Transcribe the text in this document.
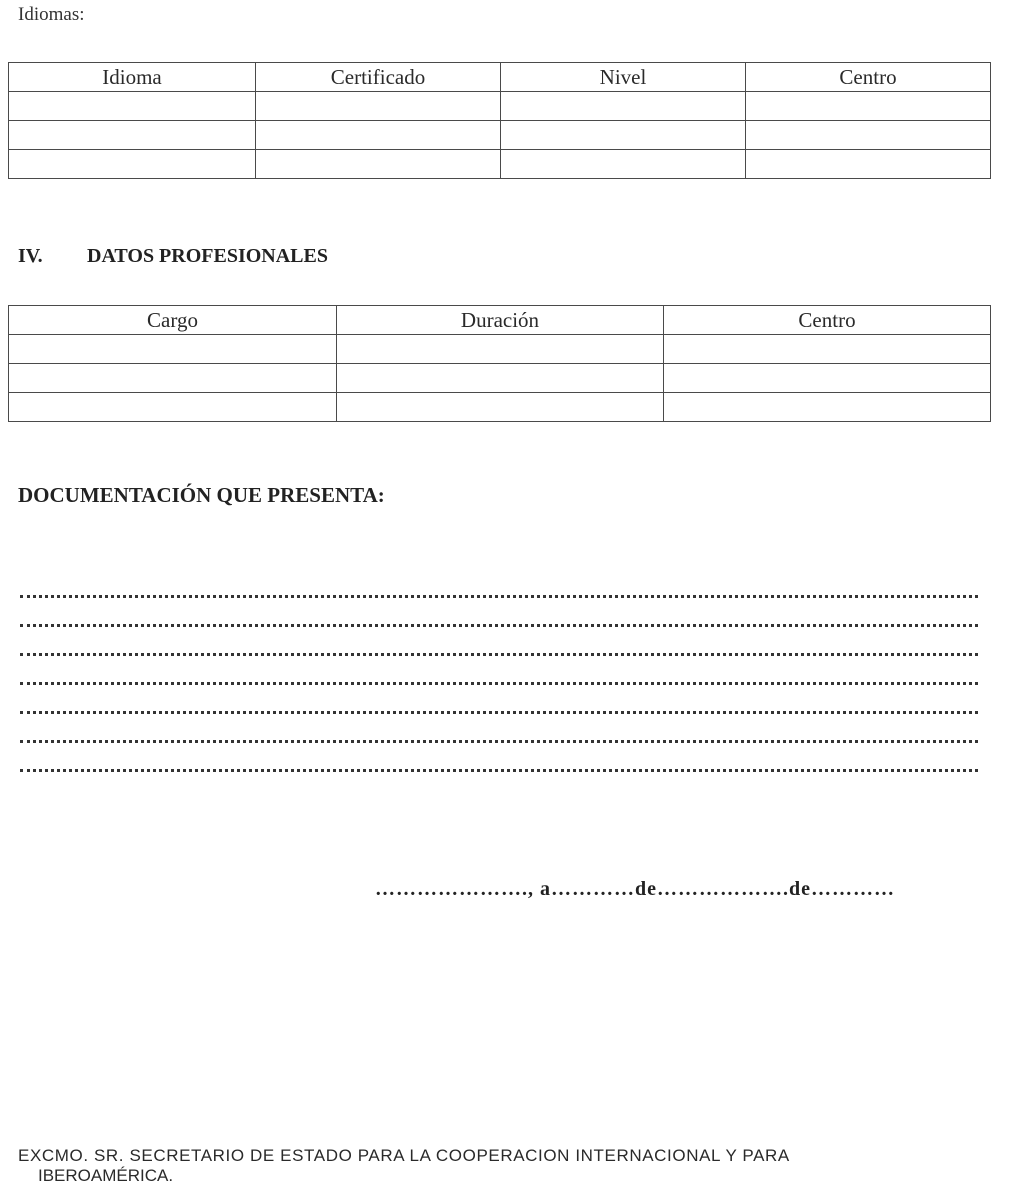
Idiomas:
Idioma	Certificado	Nivel	Centro

IV. DATOS PROFESIONALES
Cargo	Duración	Centro

DOCUMENTACIÓN QUE PRESENTA:
…………………., a…………de……………….de…………
EXCMO. SR. SECRETARIO DE ESTADO PARA LA COOPERACION INTERNACIONAL Y PARA
IBEROAMÉRICA.
